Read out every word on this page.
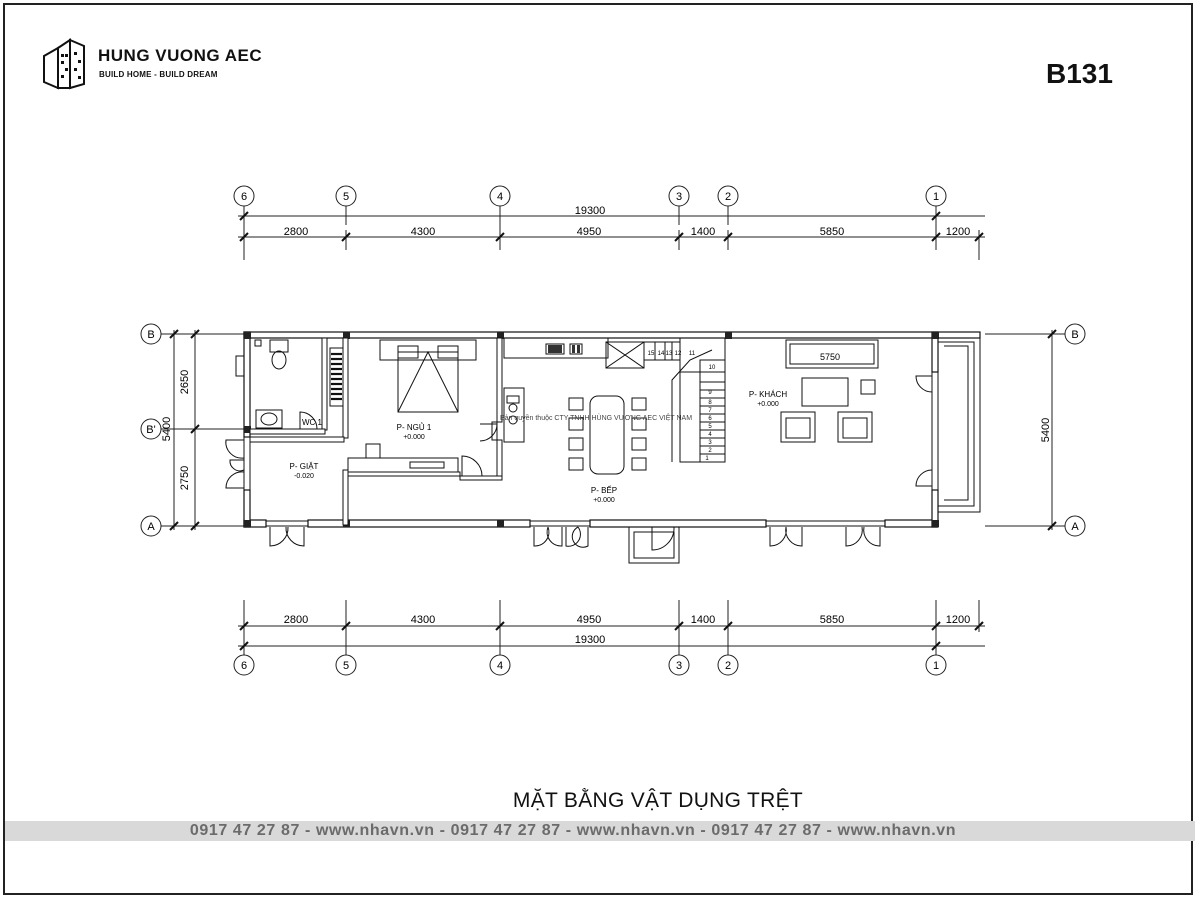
HUNG VUONG AEC
BUILD HOME - BUILD DREAM	B131
19300
2800	4300	4950	1400	5850	1200
6	5	4	3	2	1
2800	4300	4950	1400	5850	1200
19300
6	5	4	3	2	1
2650
2750
5400
B
B'
A
5400
B
A
WC 1
P- NGỦ 1
+0.000
P- BẾP
+0.000
1
2
3
4
5
6
7
8
9
10
11
12
13
14
15	5750
P- KHÁCH
+0.000
P- GIẶT
-0.020
Bản quyền thuộc CTY TNHH HÙNG VƯƠNG AEC VIỆT NAM
MẶT BẰNG VẬT DỤNG TRỆT
0917 47 27 87 - www.nhavn.vn - 0917 47 27 87 - www.nhavn.vn - 0917 47 27 87 - www.nhavn.vn
